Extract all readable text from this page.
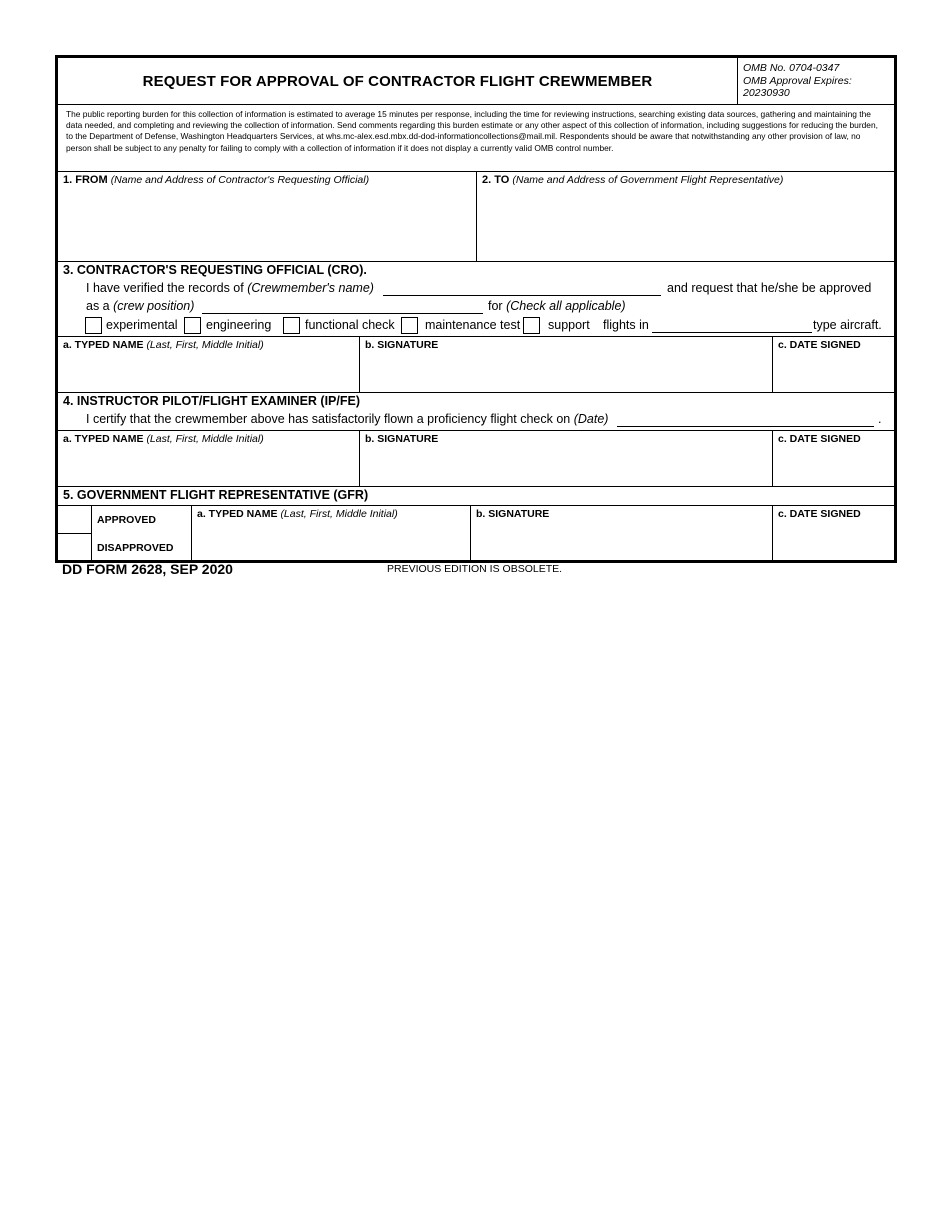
REQUEST FOR APPROVAL OF CONTRACTOR FLIGHT CREWMEMBER
OMB No. 0704-0347
OMB Approval Expires:
20230930
The public reporting burden for this collection of information is estimated to average 15 minutes per response, including the time for reviewing instructions, searching existing data sources, gathering and maintaining the data needed, and completing and reviewing the collection of information. Send comments regarding this burden estimate or any other aspect of this collection of information, including suggestions for reducing the burden, to the Department of Defense, Washington Headquarters Services, at whs.mc-alex.esd.mbx.dd-dod-informationcollections@mail.mil. Respondents should be aware that notwithstanding any other provision of law, no person shall be subject to any penalty for failing to comply with a collection of information if it does not display a currently valid OMB control number.
1. FROM (Name and Address of Contractor's Requesting Official)	2. TO (Name and Address of Government Flight Representative)
3. CONTRACTOR'S REQUESTING OFFICIAL (CRO).
I have verified the records of (Crewmember's name)	and request that he/she be approved
as a (crew position)	for (Check all applicable)
experimental engineering	functional check maintenance test support flights in	type aircraft.
a. TYPED NAME (Last, First, Middle Initial)	b. SIGNATURE	c. DATE SIGNED
4. INSTRUCTOR PILOT/FLIGHT EXAMINER (IP/FE)
I certify that the crewmember above has satisfactorily flown a proficiency flight check on (Date)	.
a. TYPED NAME (Last, First, Middle Initial)	b. SIGNATURE	c. DATE SIGNED
5. GOVERNMENT FLIGHT REPRESENTATIVE (GFR)
APPROVED
DISAPPROVED
a. TYPED NAME (Last, First, Middle Initial)	b. SIGNATURE	c. DATE SIGNED
DD FORM 2628, SEP 2020	PREVIOUS EDITION IS OBSOLETE.
